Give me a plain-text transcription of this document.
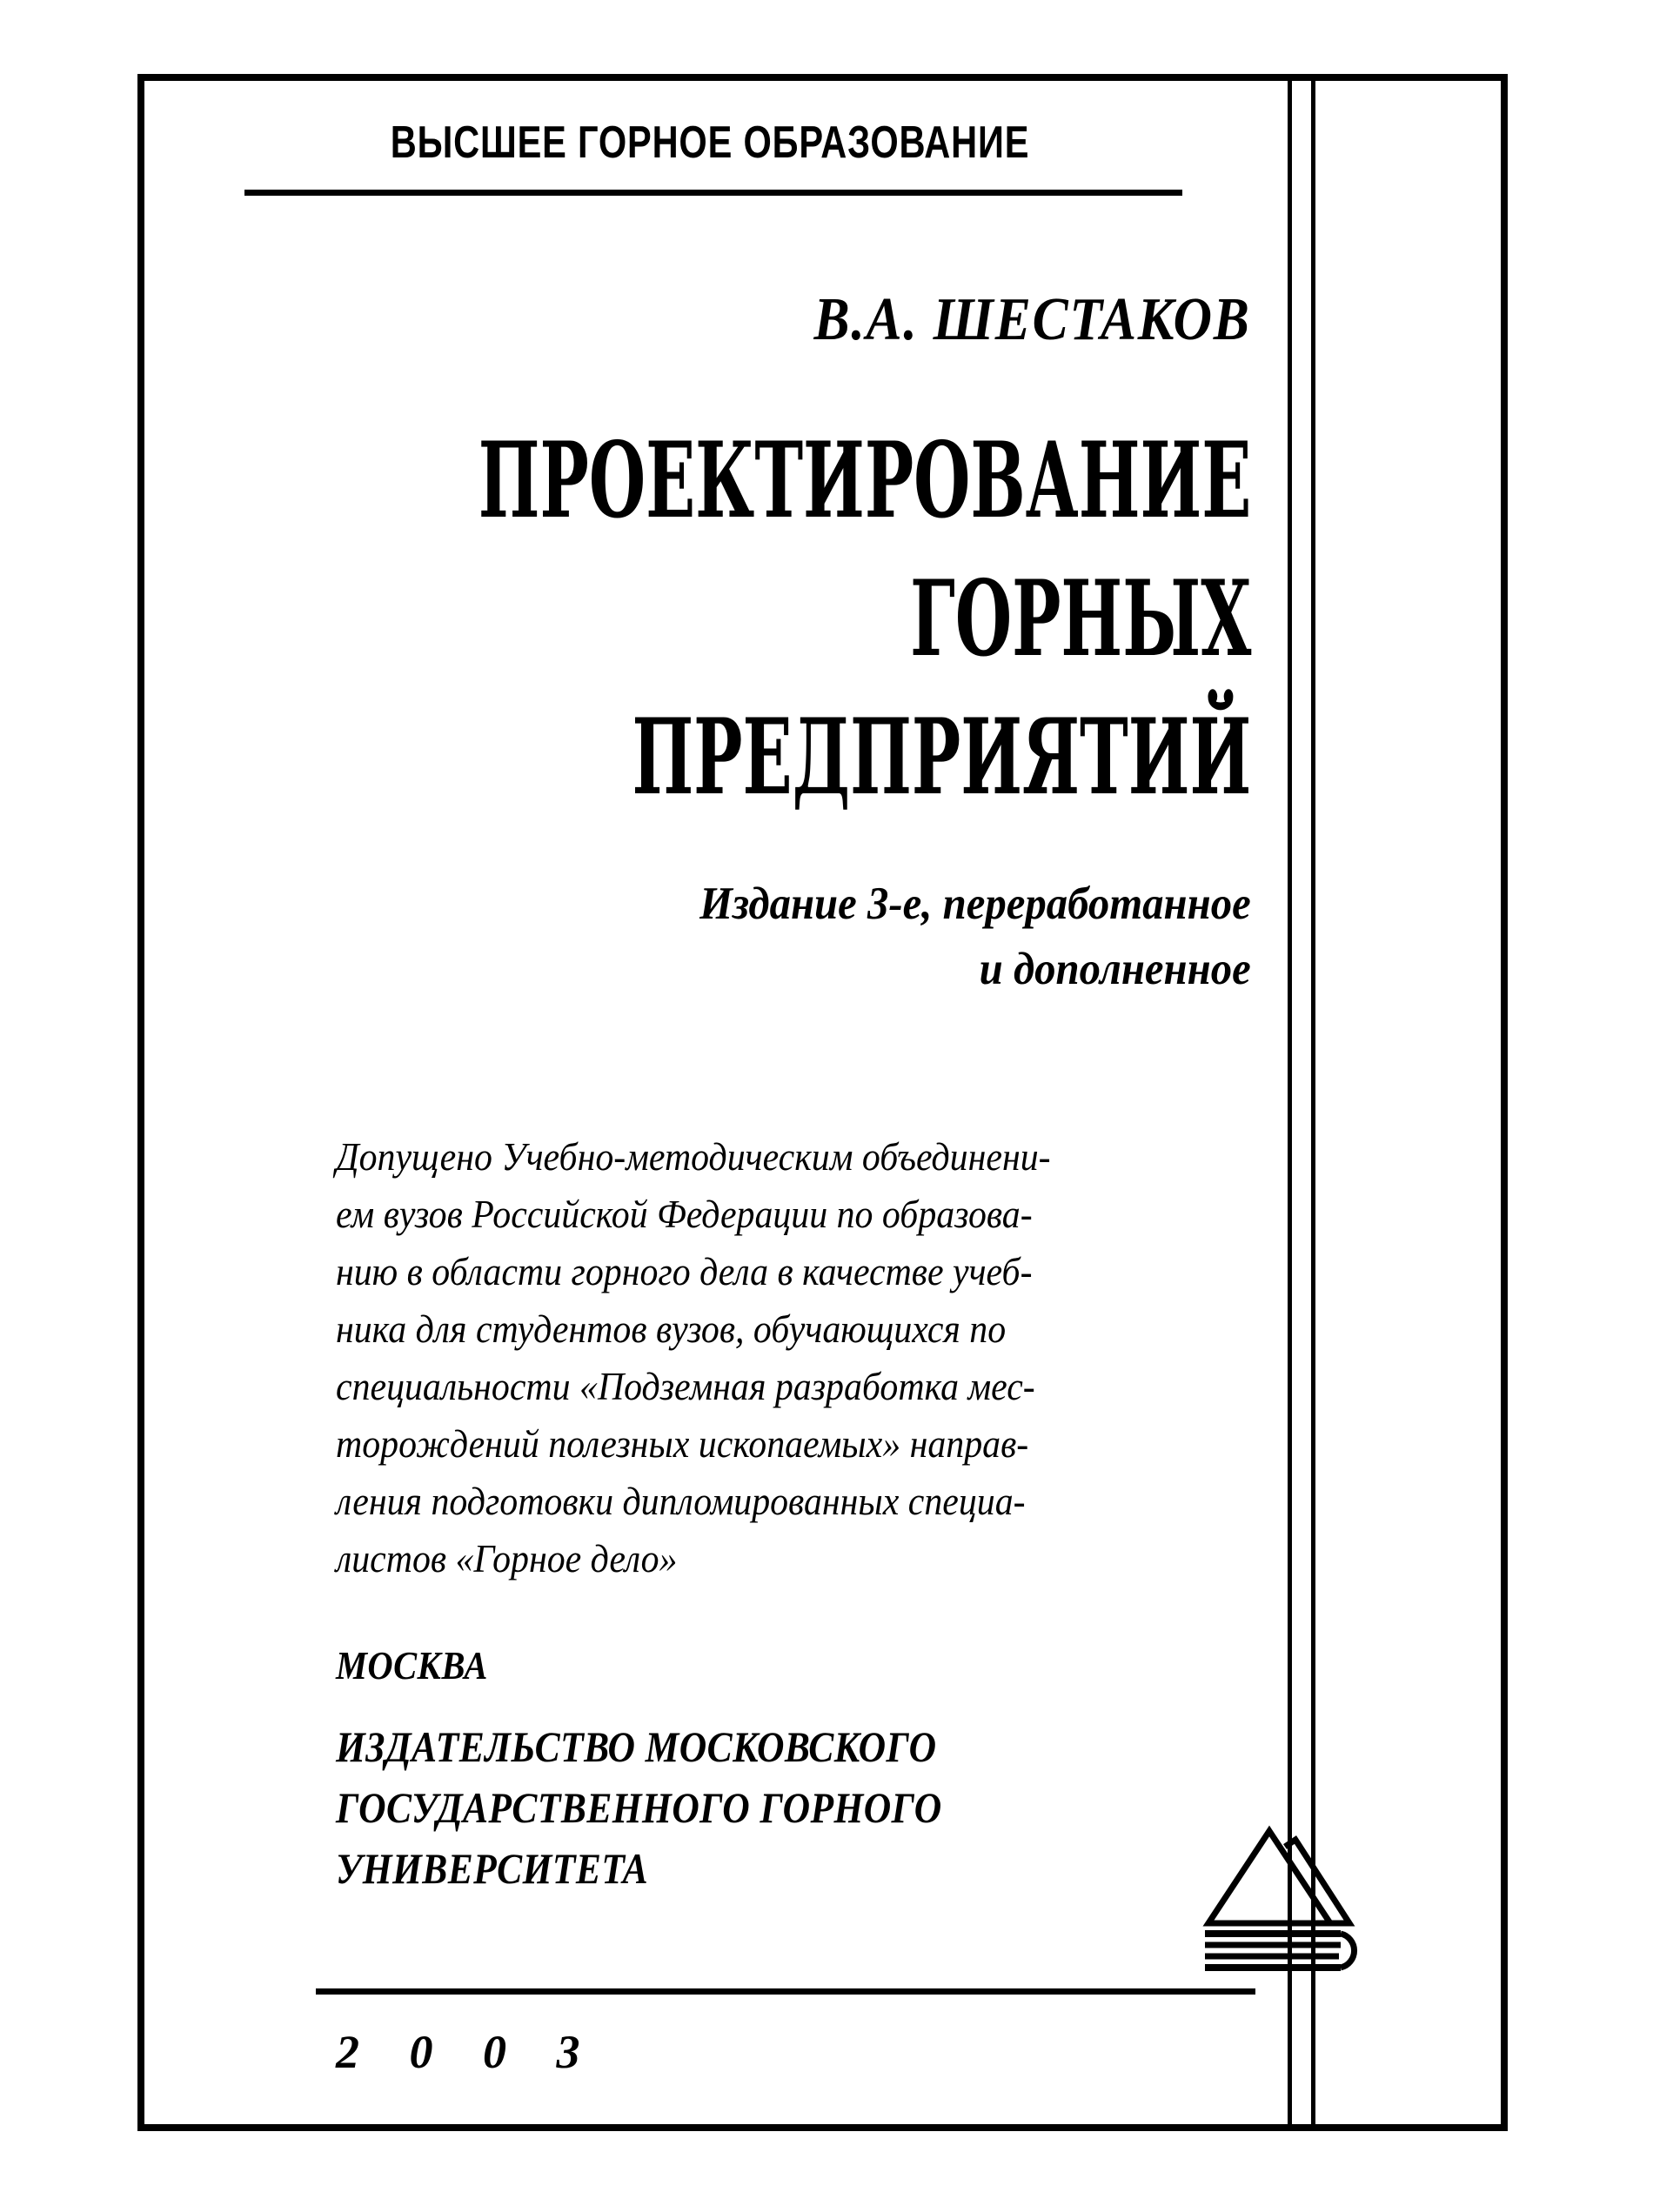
ВЫСШЕЕ ГОРНОЕ ОБРАЗОВАНИЕ
В.А. ШЕСТАКОВ
ПРОЕКТИРОВАНИЕ
ГОРНЫХ
ПРЕДПРИЯТИЙ
Издание 3-е, переработанное
и дополненное
Допущено Учебно-методическим объединени-
ем вузов Российской Федерации по образова-
нию в области горного дела в качестве учеб-
ника для студентов вузов, обучающихся по
специальности «Подземная разработка мес-
торождений полезных ископаемых» направ-
ления подготовки дипломированных специа-
листов «Горное дело»
МОСКВА
ИЗДАТЕЛЬСТВО МОСКОВСКОГО
ГОСУДАРСТВЕННОГО ГОРНОГО
УНИВЕРСИТЕТА
2 0 0 3
